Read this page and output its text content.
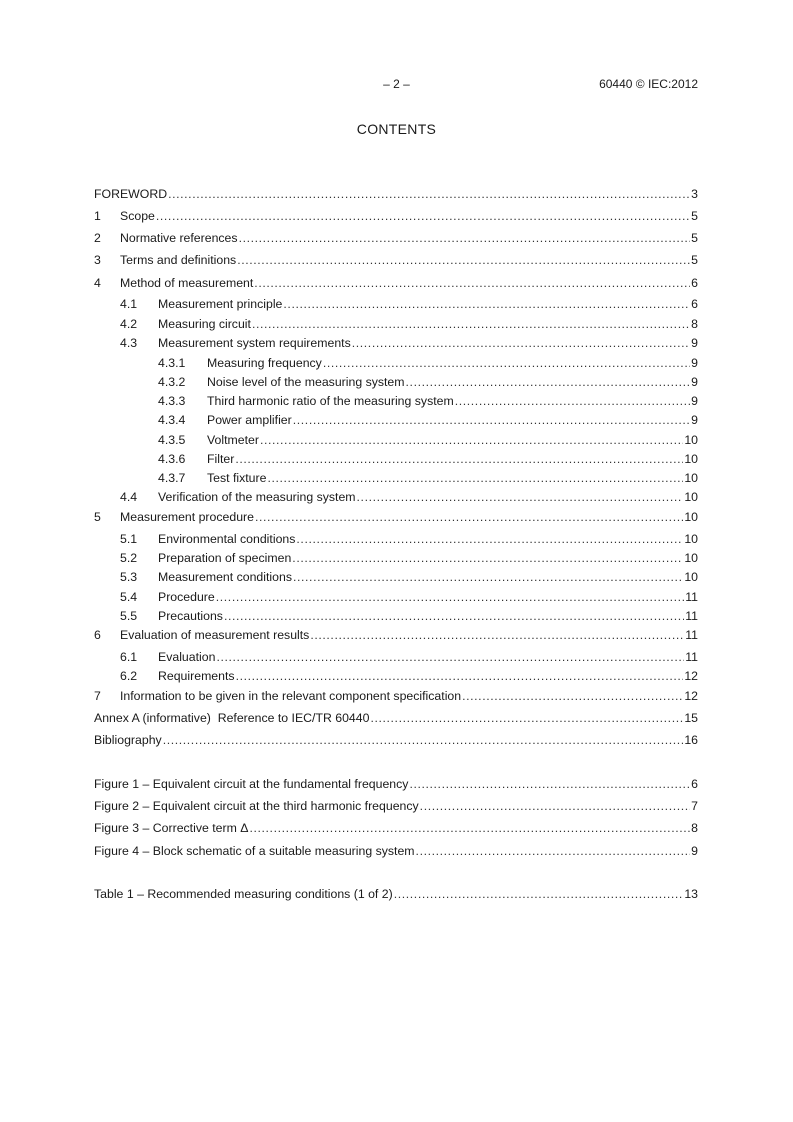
– 2 –	60440 © IEC:2012
CONTENTS
FOREWORD .....	3
1	Scope .....	5
2	Normative references .....	5
3	Terms and definitions .....	5
4	Method of measurement .....	6
4.1	Measurement principle .....	6
4.2	Measuring circuit .....	8
4.3	Measurement system requirements .....	9
4.3.1	Measuring frequency .....	9
4.3.2	Noise level of the measuring system .....	9
4.3.3	Third harmonic ratio of the measuring system .....	9
4.3.4	Power amplifier .....	9
4.3.5	Voltmeter .....	10
4.3.6	Filter .....	10
4.3.7	Test fixture .....	10
4.4	Verification of the measuring system .....	10
5	Measurement procedure .....	10
5.1	Environmental conditions .....	10
5.2	Preparation of specimen .....	10
5.3	Measurement conditions .....	10
5.4	Procedure .....	11
5.5	Precautions .....	11
6	Evaluation of measurement results .....	11
6.1	Evaluation .....	11
6.2	Requirements .....	12
7	Information to be given in the relevant component specification .....	12
Annex A (informative)  Reference to IEC/TR 60440 .....	15
Bibliography .....	16
Figure 1 – Equivalent circuit at the fundamental frequency .....	6
Figure 2 – Equivalent circuit at the third harmonic frequency .....	7
Figure 3 – Corrective term Δ .....	8
Figure 4 – Block schematic of a suitable measuring system .....	9
Table 1 – Recommended measuring conditions (1 of 2) .....	13
